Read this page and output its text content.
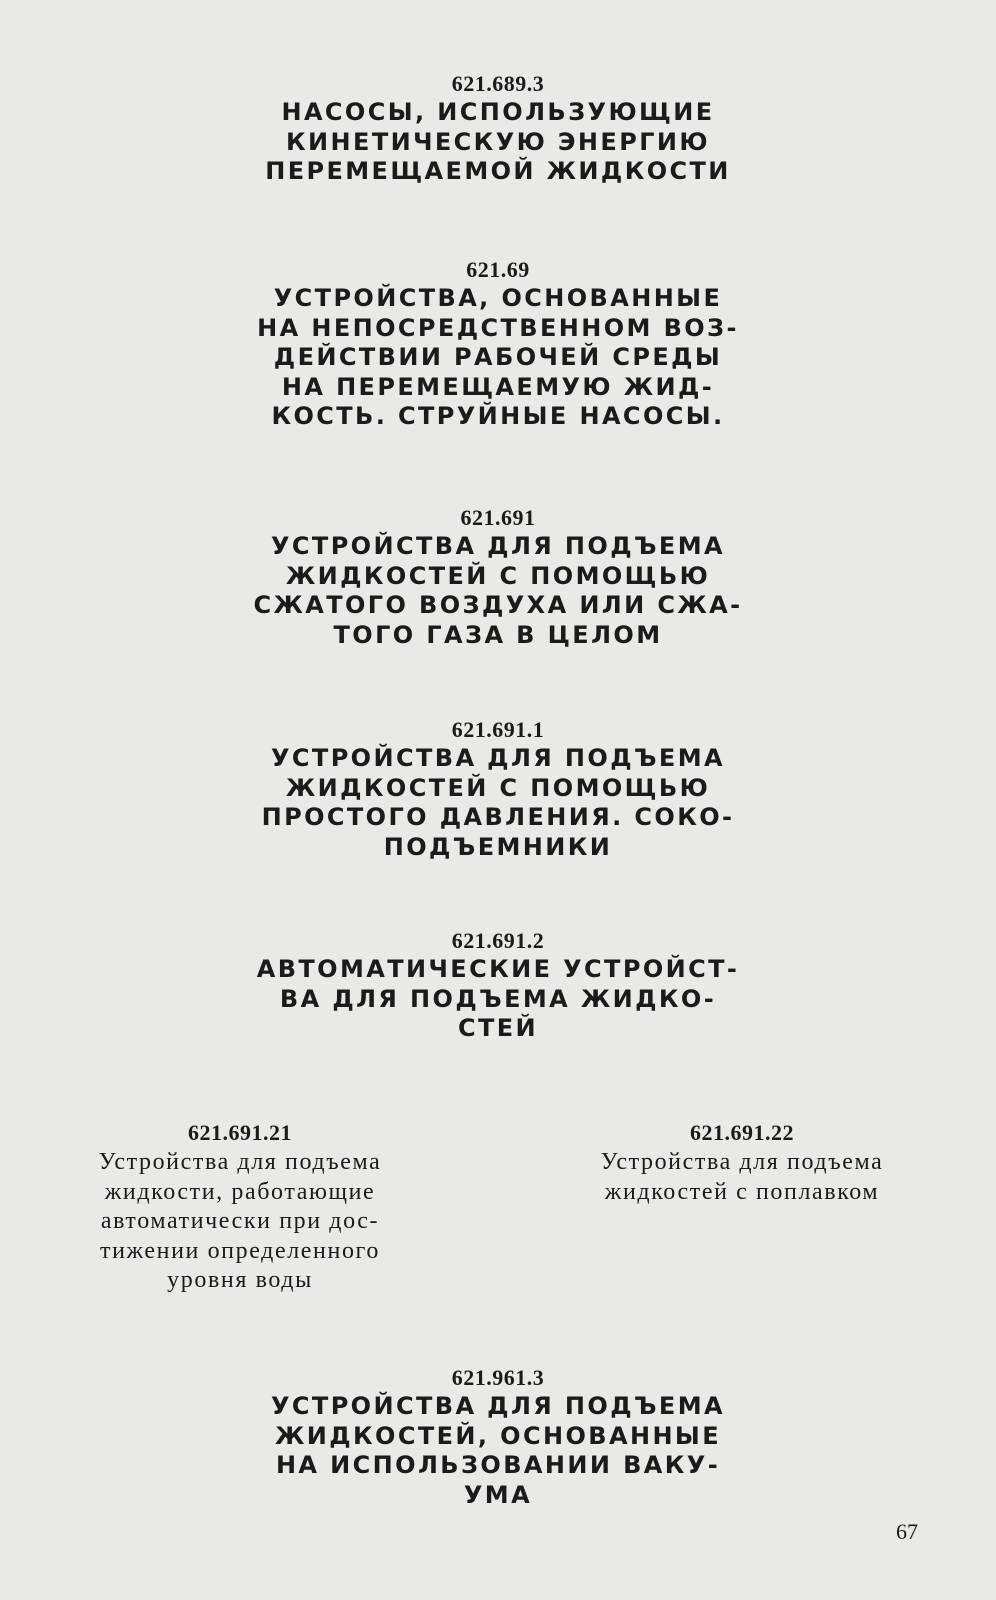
621.689.3
НАСОСЫ, ИСПОЛЬЗУЮЩИЕ
КИНЕТИЧЕСКУЮ ЭНЕРГИЮ
ПЕРЕМЕЩАЕМОЙ ЖИДКОСТИ
621.69
УСТРОЙСТВА, ОСНОВАННЫЕ
НА НЕПОСРЕДСТВЕННОМ ВОЗ-
ДЕЙСТВИИ РАБОЧЕЙ СРЕДЫ
НА ПЕРЕМЕЩАЕМУЮ ЖИД-
КОСТЬ. СТРУЙНЫЕ НАСОСЫ.
621.691
УСТРОЙСТВА ДЛЯ ПОДЪЕМА
ЖИДКОСТЕЙ С ПОМОЩЬЮ
СЖАТОГО ВОЗДУХА ИЛИ СЖА-
ТОГО ГАЗА В ЦЕЛОМ
621.691.1
УСТРОЙСТВА ДЛЯ ПОДЪЕМА
ЖИДКОСТЕЙ С ПОМОЩЬЮ
ПРОСТОГО ДАВЛЕНИЯ. СОКО-
ПОДЪЕМНИКИ
621.691.2
АВТОМАТИЧЕСКИЕ УСТРОЙСТ-
ВА ДЛЯ ПОДЪЕМА ЖИДКО-
СТЕЙ
621.691.21
Устройства для подъема
жидкости, работающие
автоматически при дос-
тижении определенного
уровня воды
621.691.22
Устройства для подъема
жидкостей с поплавком
621.961.3
УСТРОЙСТВА ДЛЯ ПОДЪЕМА
ЖИДКОСТЕЙ, ОСНОВАННЫЕ
НА ИСПОЛЬЗОВАНИИ ВАКУ-
УМА
67
